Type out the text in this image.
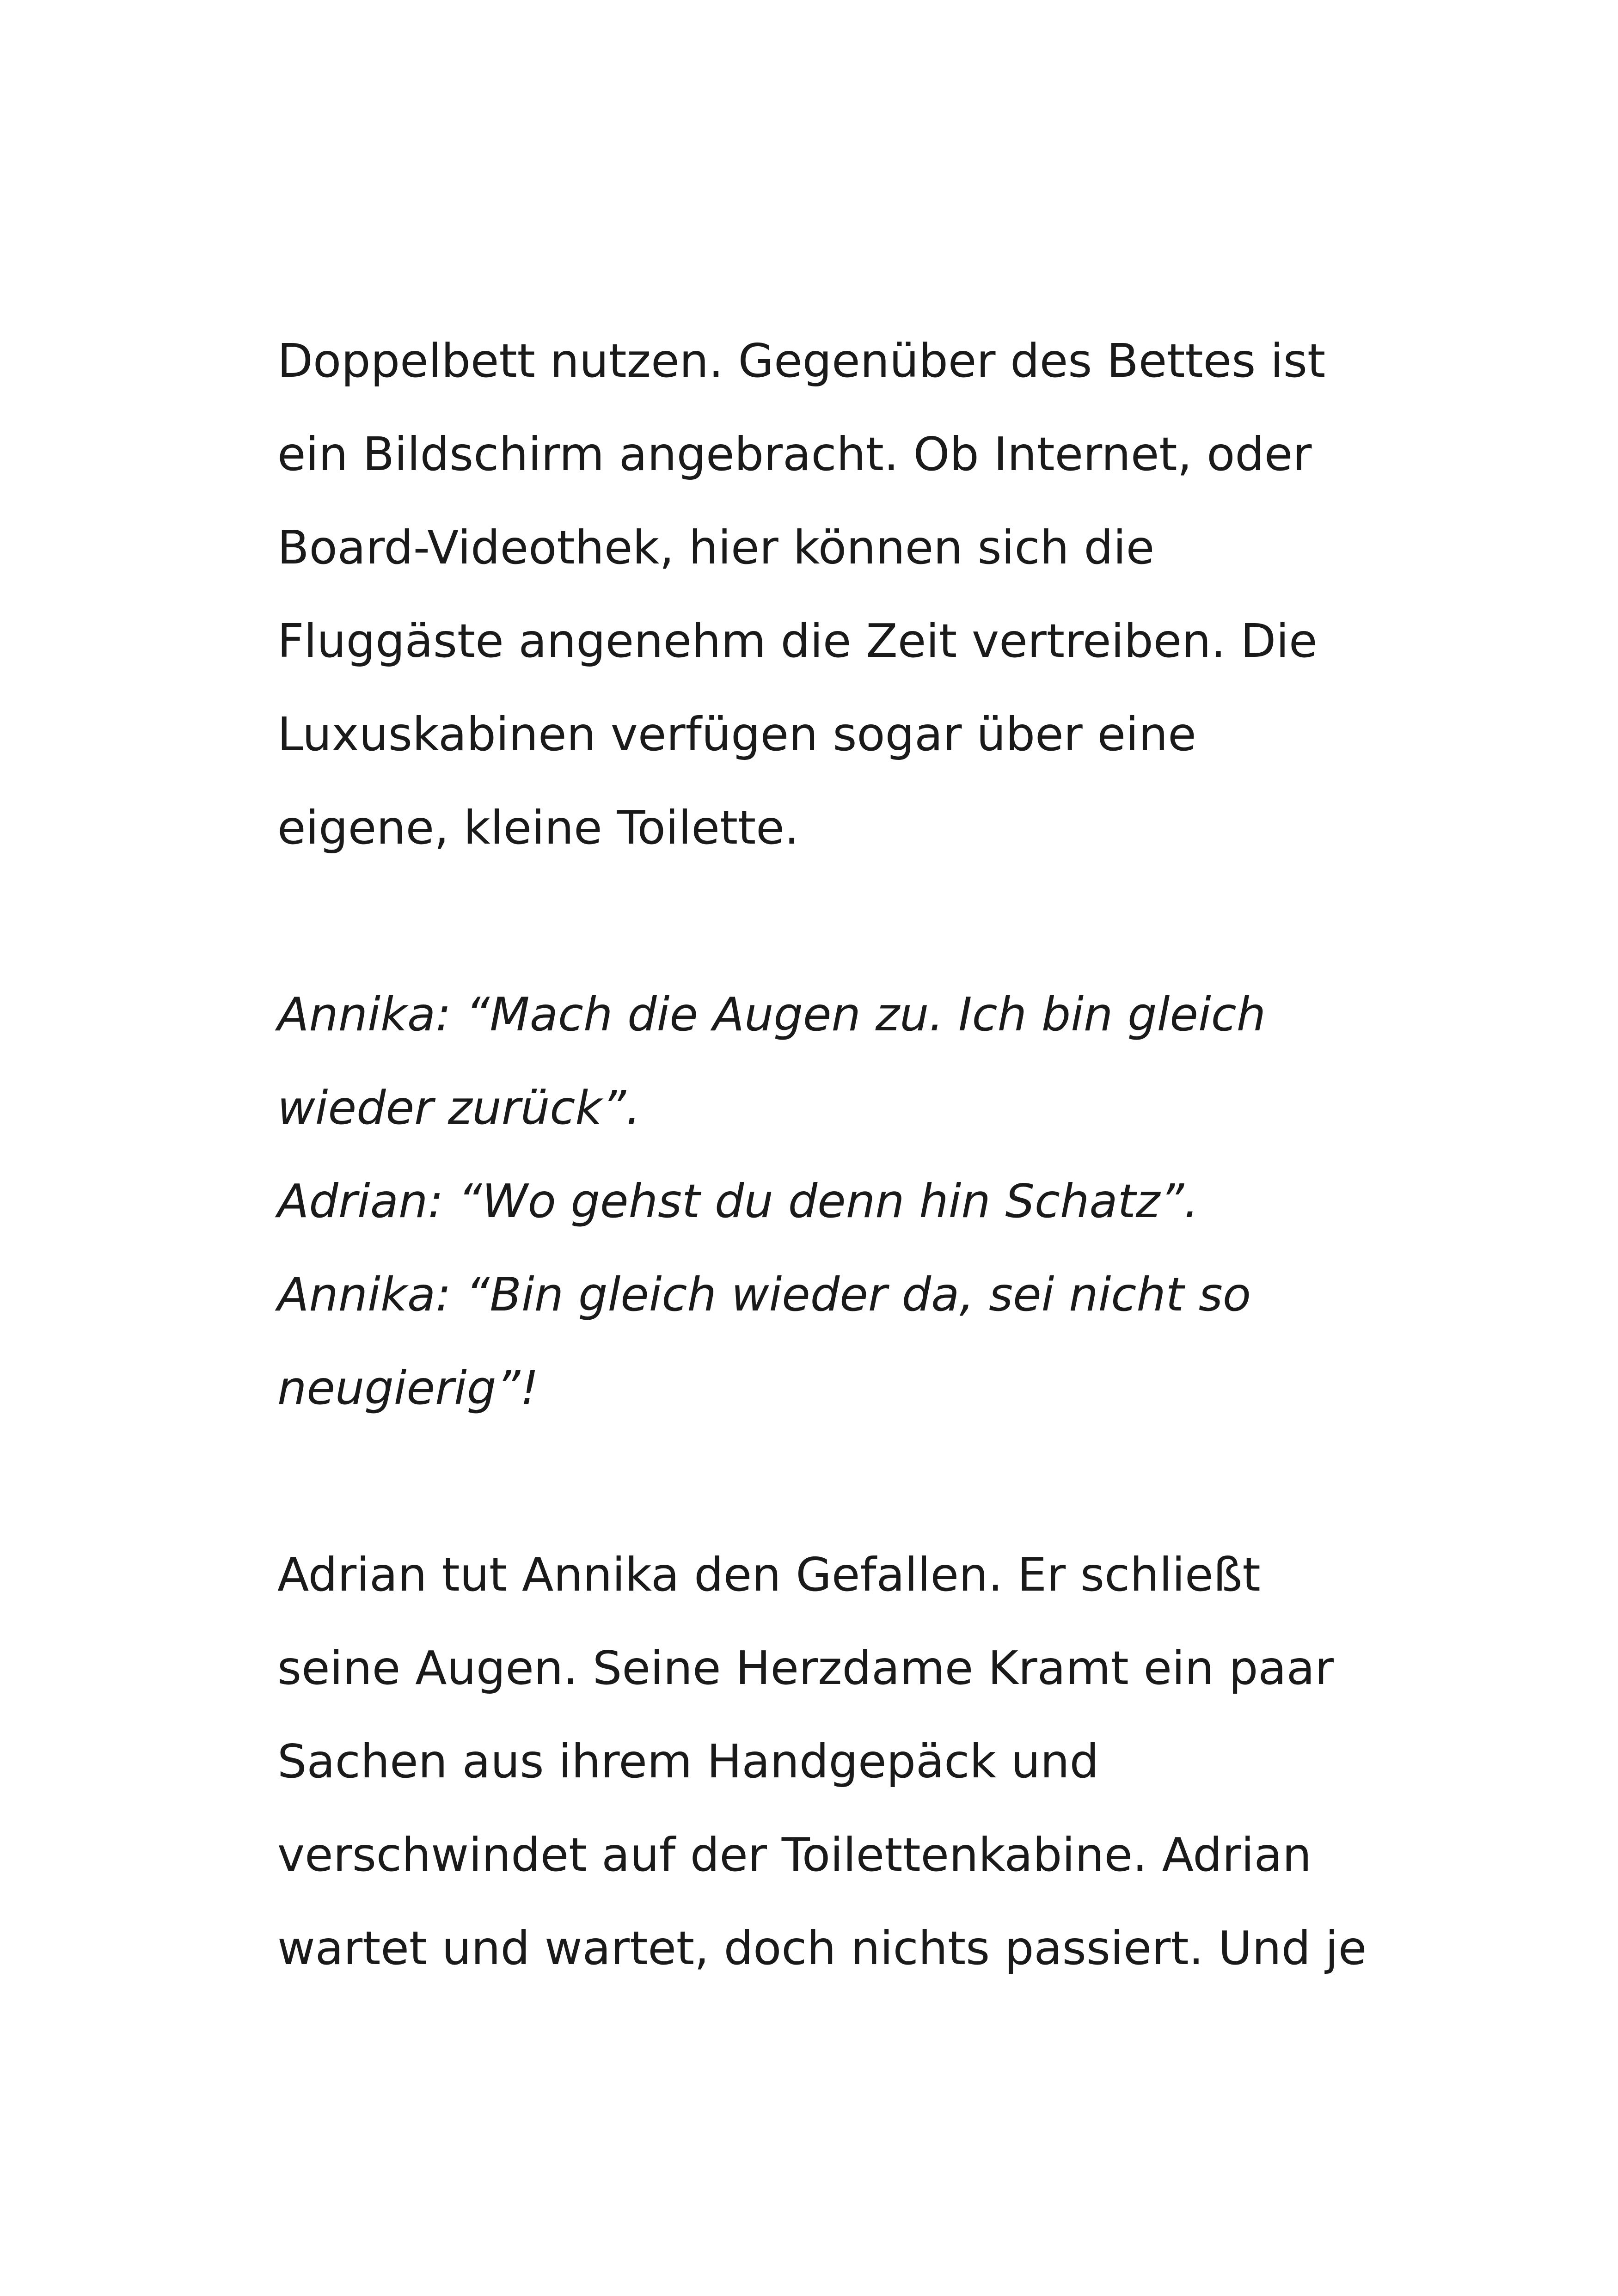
Doppelbett nutzen. Gegenüber des Bettes ist
ein Bildschirm angebracht. Ob Internet, oder
Board-Videothek, hier können sich die
Fluggäste angenehm die Zeit vertreiben. Die
Luxuskabinen verfügen sogar über eine
eigene, kleine Toilette.
Annika: “Mach die Augen zu. Ich bin gleich
wieder zurück”.
Adrian: “Wo gehst du denn hin Schatz”.
Annika: “Bin gleich wieder da, sei nicht so
neugierig”!
Adrian tut Annika den Gefallen. Er schließt
seine Augen. Seine Herzdame Kramt ein paar
Sachen aus ihrem Handgepäck und
verschwindet auf der Toilettenkabine. Adrian
wartet und wartet, doch nichts passiert. Und je
